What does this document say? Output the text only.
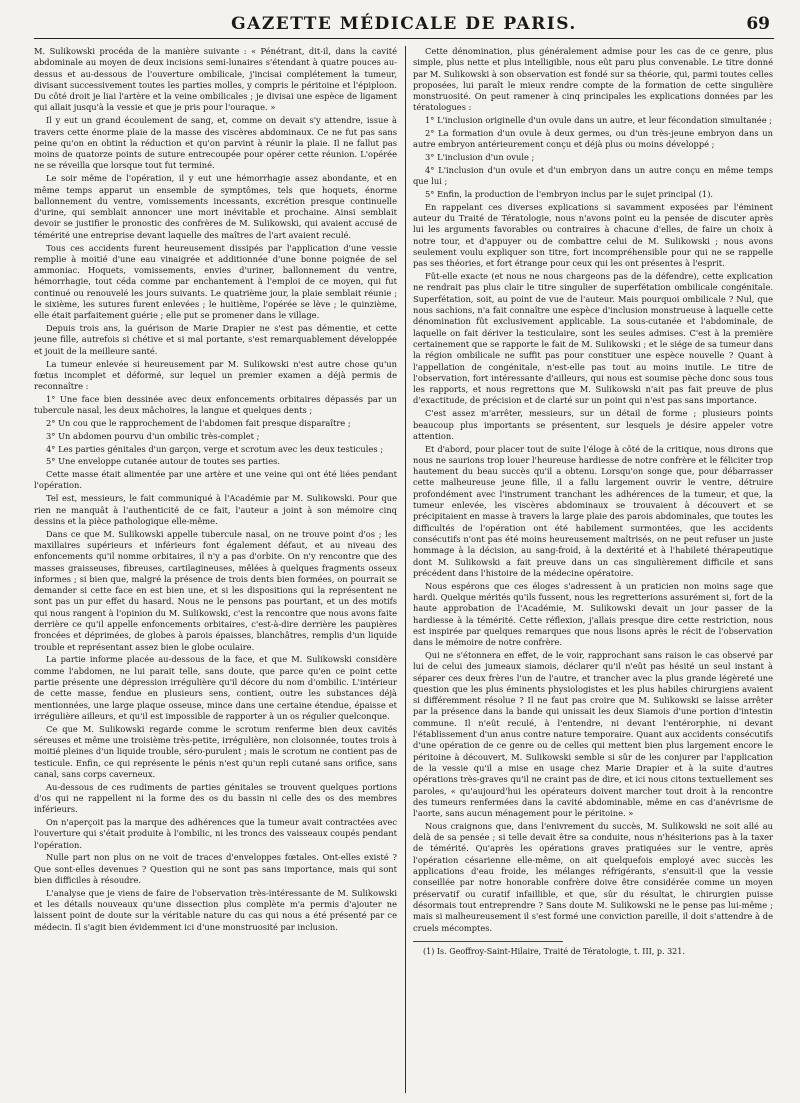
GAZETTE MÉDICALE DE PARIS.	69

M. Sulikowski procéda de la manière suivante : « Pénétrant, dit-il, dans la cavité abdominale au moyen de deux incisions semi-lunaires s'étendant à quatre pouces au-dessus et au-dessous de l'ouverture ombilicale, j'incisai complétement la tumeur, divisant successivement toutes les parties molles, y compris le péritoine et l'épiploon. Du côté droit je liai l'artère et la veine ombilicales ; je divisai une espèce de ligament qui allait jusqu'à la vessie et que je pris pour l'ouraque. »

Il y eut un grand écoulement de sang, et, comme on devait s'y attendre, issue à travers cette énorme plaie de la masse des viscères abdominaux. Ce ne fut pas sans peine qu'on en obtint la réduction et qu'on parvint à réunir la plaie. Il ne fallut pas moins de quatorze points de suture entrecoupée pour opérer cette réunion. L'opérée ne se réveilla que lorsque tout fut terminé.

Le soir même de l'opération, il y eut une hémorrhagie assez abondante, et en même temps apparut un ensemble de symptômes, tels que hoquets, énorme ballonnement du ventre, vomissements incessants, excrétion presque continuelle d'urine, qui semblait annoncer une mort inévitable et prochaine. Ainsi semblait devoir se justifier le pronostic des confrères de M. Sulikowski, qui avaient accusé de témérité une entreprise devant laquelle des maîtres de l'art avaient reculé.

Tous ces accidents furent heureusement dissipés par l'application d'une vessie remplie à moitié d'une eau vinaigrée et additionnée d'une bonne poignée de sel ammoniac. Hoquets, vomissements, envies d'uriner, ballonnement du ventre, hémorrhagie, tout céda comme par enchantement à l'emploi de ce moyen, qui fut continué ou renouvelé les jours suivants. Le quatrième jour, la plaie semblait réunie ; le sixième, les sutures furent enlevées ; le huitième, l'opérée se lève ; le quinzième, elle était parfaitement guérie ; elle put se promener dans le village.

Depuis trois ans, la guérison de Marie Drapier ne s'est pas démentie, et cette jeune fille, autrefois si chétive et si mal portante, s'est remarquablement développée et jouit de la meilleure santé.

La tumeur enlevée si heureusement par M. Sulikowski n'est autre chose qu'un fœtus incomplet et déformé, sur lequel un premier examen a déjà permis de reconnaître :

1° Une face bien dessinée avec deux enfoncements orbitaires dépassés par un tubercule nasal, les deux mâchoires, la langue et quelques dents ;

2° Un cou que le rapprochement de l'abdomen fait presque disparaître ;

3° Un abdomen pourvu d'un ombilic très-complet ;

4° Les parties génitales d'un garçon, verge et scrotum avec les deux testicules ;

5° Une enveloppe cutanée autour de toutes ses parties.

Cette masse était alimentée par une artère et une veine qui ont été liées pendant l'opération.

Tel est, messieurs, le fait communiqué à l'Académie par M. Sulikowski. Pour que rien ne manquât à l'authenticité de ce fait, l'auteur a joint à son mémoire cinq dessins et la pièce pathologique elle-même.

Dans ce que M. Sulikowski appelle tubercule nasal, on ne trouve point d'os ; les maxillaires supérieurs et inférieurs font également défaut, et au niveau des enfoncements qu'il nomme orbitaires, il n'y a pas d'orbite. On n'y rencontre que des masses graisseuses, fibreuses, cartilagineuses, mêlées à quelques fragments osseux informes ; si bien que, malgré la présence de trois dents bien formées, on pourrait se demander si cette face en est bien une, et si les dispositions qui la représentent ne sont pas un pur effet du hasard. Nous ne le pensons pas pourtant, et un des motifs qui nous rangent à l'opinion du M. Sulikowski, c'est la rencontre que nous avons faite derrière ce qu'il appelle enfoncements orbitaires, c'est-à-dire derrière les paupières froncées et déprimées, de globes à parois épaisses, blanchâtres, remplis d'un liquide trouble et représentant assez bien le globe oculaire.

La partie informe placée au-dessous de la face, et que M. Sulikowski considère comme l'abdomen, ne lui parait telle, sans doute, que parce qu'en ce point cette partie présente une dépression irrégulière qu'il décore du nom d'ombilic. L'intérieur de cette masse, fendue en plusieurs sens, contient, outre les substances déjà mentionnées, une large plaque osseuse, mince dans une certaine étendue, épaisse et irrégulière ailleurs, et qu'il est impossible de rapporter à un os régulier quelconque.

Ce que M. Sulikowski regarde comme le scrotum renferme bien deux cavités séreuses et même une troisième très-petite, irrégulière, non cloisonnée, toutes trois à moitié pleines d'un liquide trouble, séro-purulent ; mais le scrotum ne contient pas de testicule. Enfin, ce qui représente le pénis n'est qu'un repli cutané sans orifice, sans canal, sans corps caverneux.

Au-dessous de ces rudiments de parties génitales se trouvent quelques portions d'os qui ne rappellent ni la forme des os du bassin ni celle des os des membres inférieurs.

On n'aperçoit pas la marque des adhérences que la tumeur avait contractées avec l'ouverture qui s'était produite à l'ombilic, ni les troncs des vaisseaux coupés pendant l'opération.

Nulle part non plus on ne voit de traces d'enveloppes fœtales. Ont-elles existé ? Que sont-elles devenues ? Question qui ne sont pas sans importance, mais qui sont bien difficiles à résoudre.

L'analyse que je viens de faire de l'observation très-intéressante de M. Sulikowski et les détails nouveaux qu'une dissection plus complète m'a permis d'ajouter ne laissent point de doute sur la véritable nature du cas qui nous a été présenté par ce médecin. Il s'agit bien évidemment ici d'une monstruosité par inclusion.

Cette dénomination, plus généralement admise pour les cas de ce genre, plus simple, plus nette et plus intelligible, nous eût paru plus convenable. Le titre donné par M. Sulikowski à son observation est fondé sur sa théorie, qui, parmi toutes celles proposées, lui paraît le mieux rendre compte de la formation de cette singulière monstruosité. On peut ramener à cinq principales les explications données par les tératologues :

1° L'inclusion originelle d'un ovule dans un autre, et leur fécondation simultanée ;

2° La formation d'un ovule à deux germes, ou d'un très-jeune embryon dans un autre embryon antérieurement conçu et déjà plus ou moins développé ;

3° L'inclusion d'un ovule ;

4° L'inclusion d'un ovule et d'un embryon dans un autre conçu en même temps que lui ;

5° Enfin, la production de l'embryon inclus par le sujet principal (1).

En rappelant ces diverses explications si savamment exposées par l'éminent auteur du Traité de Tératologie, nous n'avons point eu la pensée de discuter après lui les arguments favorables ou contraires à chacune d'elles, de faire un choix à notre tour, et d'appuyer ou de combattre celui de M. Sulikowski ; nous avons seulement voulu expliquer son titre, fort incompréhensible pour qui ne se rappelle pas ses théories, et fort étrange pour ceux qui les ont présentes à l'esprit.

Fût-elle exacte (et nous ne nous chargeons pas de la défendre), cette explication ne rendrait pas plus clair le titre singulier de superfétation ombilicale congénitale. Superfétation, soit, au point de vue de l'auteur. Mais pourquoi ombilicale ? Nul, que nous sachions, n'a fait connaître une espèce d'inclusion monstrueuse à laquelle cette dénomination fût exclusivement applicable. La sous-cutanée et l'abdominale, de laquelle on fait dériver la testiculaire, sont les seules admises. C'est à la première certainement que se rapporte le fait de M. Sulikowski ; et le siége de sa tumeur dans la région ombilicale ne suffit pas pour constituer une espèce nouvelle ? Quant à l'appellation de congénitale, n'est-elle pas tout au moins inutile. Le titre de l'observation, fort intéressante d'ailleurs, qui nous est soumise pèche donc sous tous les rapports, et nous regrettons que M. Sulikowski n'ait pas fait preuve de plus d'exactitude, de précision et de clarté sur un point qui n'est pas sans importance.

C'est assez m'arrêter, messieurs, sur un détail de forme ; plusieurs points beaucoup plus importants se présentent, sur lesquels je désire appeler votre attention.

Et d'abord, pour placer tout de suite l'éloge à côté de la critique, nous dirons que nous ne saurions trop louer l'heureuse hardiesse de notre confrère et le féliciter trop hautement du beau succès qu'il a obtenu. Lorsqu'on songe que, pour débarrasser cette malheureuse jeune fille, il a fallu largement ouvrir le ventre, détruire profondément avec l'instrument tranchant les adhérences de la tumeur, et que, la tumeur enlevée, les viscères abdominaux se trouvaient à découvert et se précipitaient en masse à travers la large plaie des parois abdominales, que toutes les difficultés de l'opération ont été habilement surmontées, que les accidents consécutifs n'ont pas été moins heureusement maîtrisés, on ne peut refuser un juste hommage à la décision, au sang-froid, à la dextérité et à l'habileté thérapeutique dont M. Sulikowski a fait preuve dans un cas singulièrement difficile et sans précédent dans l'histoire de la médecine opératoire.

Nous espérons que ces éloges s'adressent à un praticien non moins sage que hardi. Quelque mérités qu'ils fussent, nous les regretterions assurément si, fort de la haute approbation de l'Académie, M. Sulikowski devait un jour passer de la hardiesse à la témérité. Cette réflexion, j'allais presque dire cette restriction, nous est inspirée par quelques remarques que nous lisons après le récit de l'observation dans le mémoire de notre confrère.

Qui ne s'étonnera en effet, de le voir, rapprochant sans raison le cas observé par lui de celui des jumeaux siamois, déclarer qu'il n'eût pas hésité un seul instant à séparer ces deux frères l'un de l'autre, et trancher avec la plus grande légèreté une question que les plus éminents physiologistes et les plus habiles chirurgiens avaient si différemment résolue ? Il ne faut pas croire que M. Sulikowski se laisse arrêter par la présence dans la bande qui unissait les deux Siamois d'une portion d'intestin commune. Il n'eût reculé, à l'entendre, ni devant l'entérorphie, ni devant l'établissement d'un anus contre nature temporaire. Quant aux accidents consécutifs d'une opération de ce genre ou de celles qui mettent bien plus largement encore le péritoine à découvert, M. Sulikowski semble si sûr de les conjurer par l'application de la vessie qu'il a mise en usage chez Marie Drapier et à la suite d'autres opérations très-graves qu'il ne craint pas de dire, et ici nous citons textuellement ses paroles, « qu'aujourd'hui les opérateurs doivent marcher tout droit à la rencontre des tumeurs renfermées dans la cavité abdominable, même en cas d'anévrisme de l'aorte, sans aucun ménagement pour le péritoine. »

Nous craignons que, dans l'enivrement du succès, M. Sulikowski ne soit allé au delà de sa pensée ; si telle devait être sa conduite, nous n'hésiterions pas à la taxer de témérité. Qu'après les opérations graves pratiquées sur le ventre, après l'opération césarienne elle-même, on ait quelquefois employé avec succès les applications d'eau froide, les mélanges réfrigérants, s'ensuit-il que la vessie conseillée par notre honorable confrère doive être considérée comme un moyen préservatif ou curatif infaillible, et que, sûr du résultat, le chirurgien puisse désormais tout entreprendre ? Sans doute M. Sulikowski ne le pense pas lui-même ; mais si malheureusement il s'est formé une conviction pareille, il doit s'attendre à de cruels mécomptes.

(1) Is. Geoffroy-Saint-Hilaire, Traité de Tératologie, t. III, p. 321.
